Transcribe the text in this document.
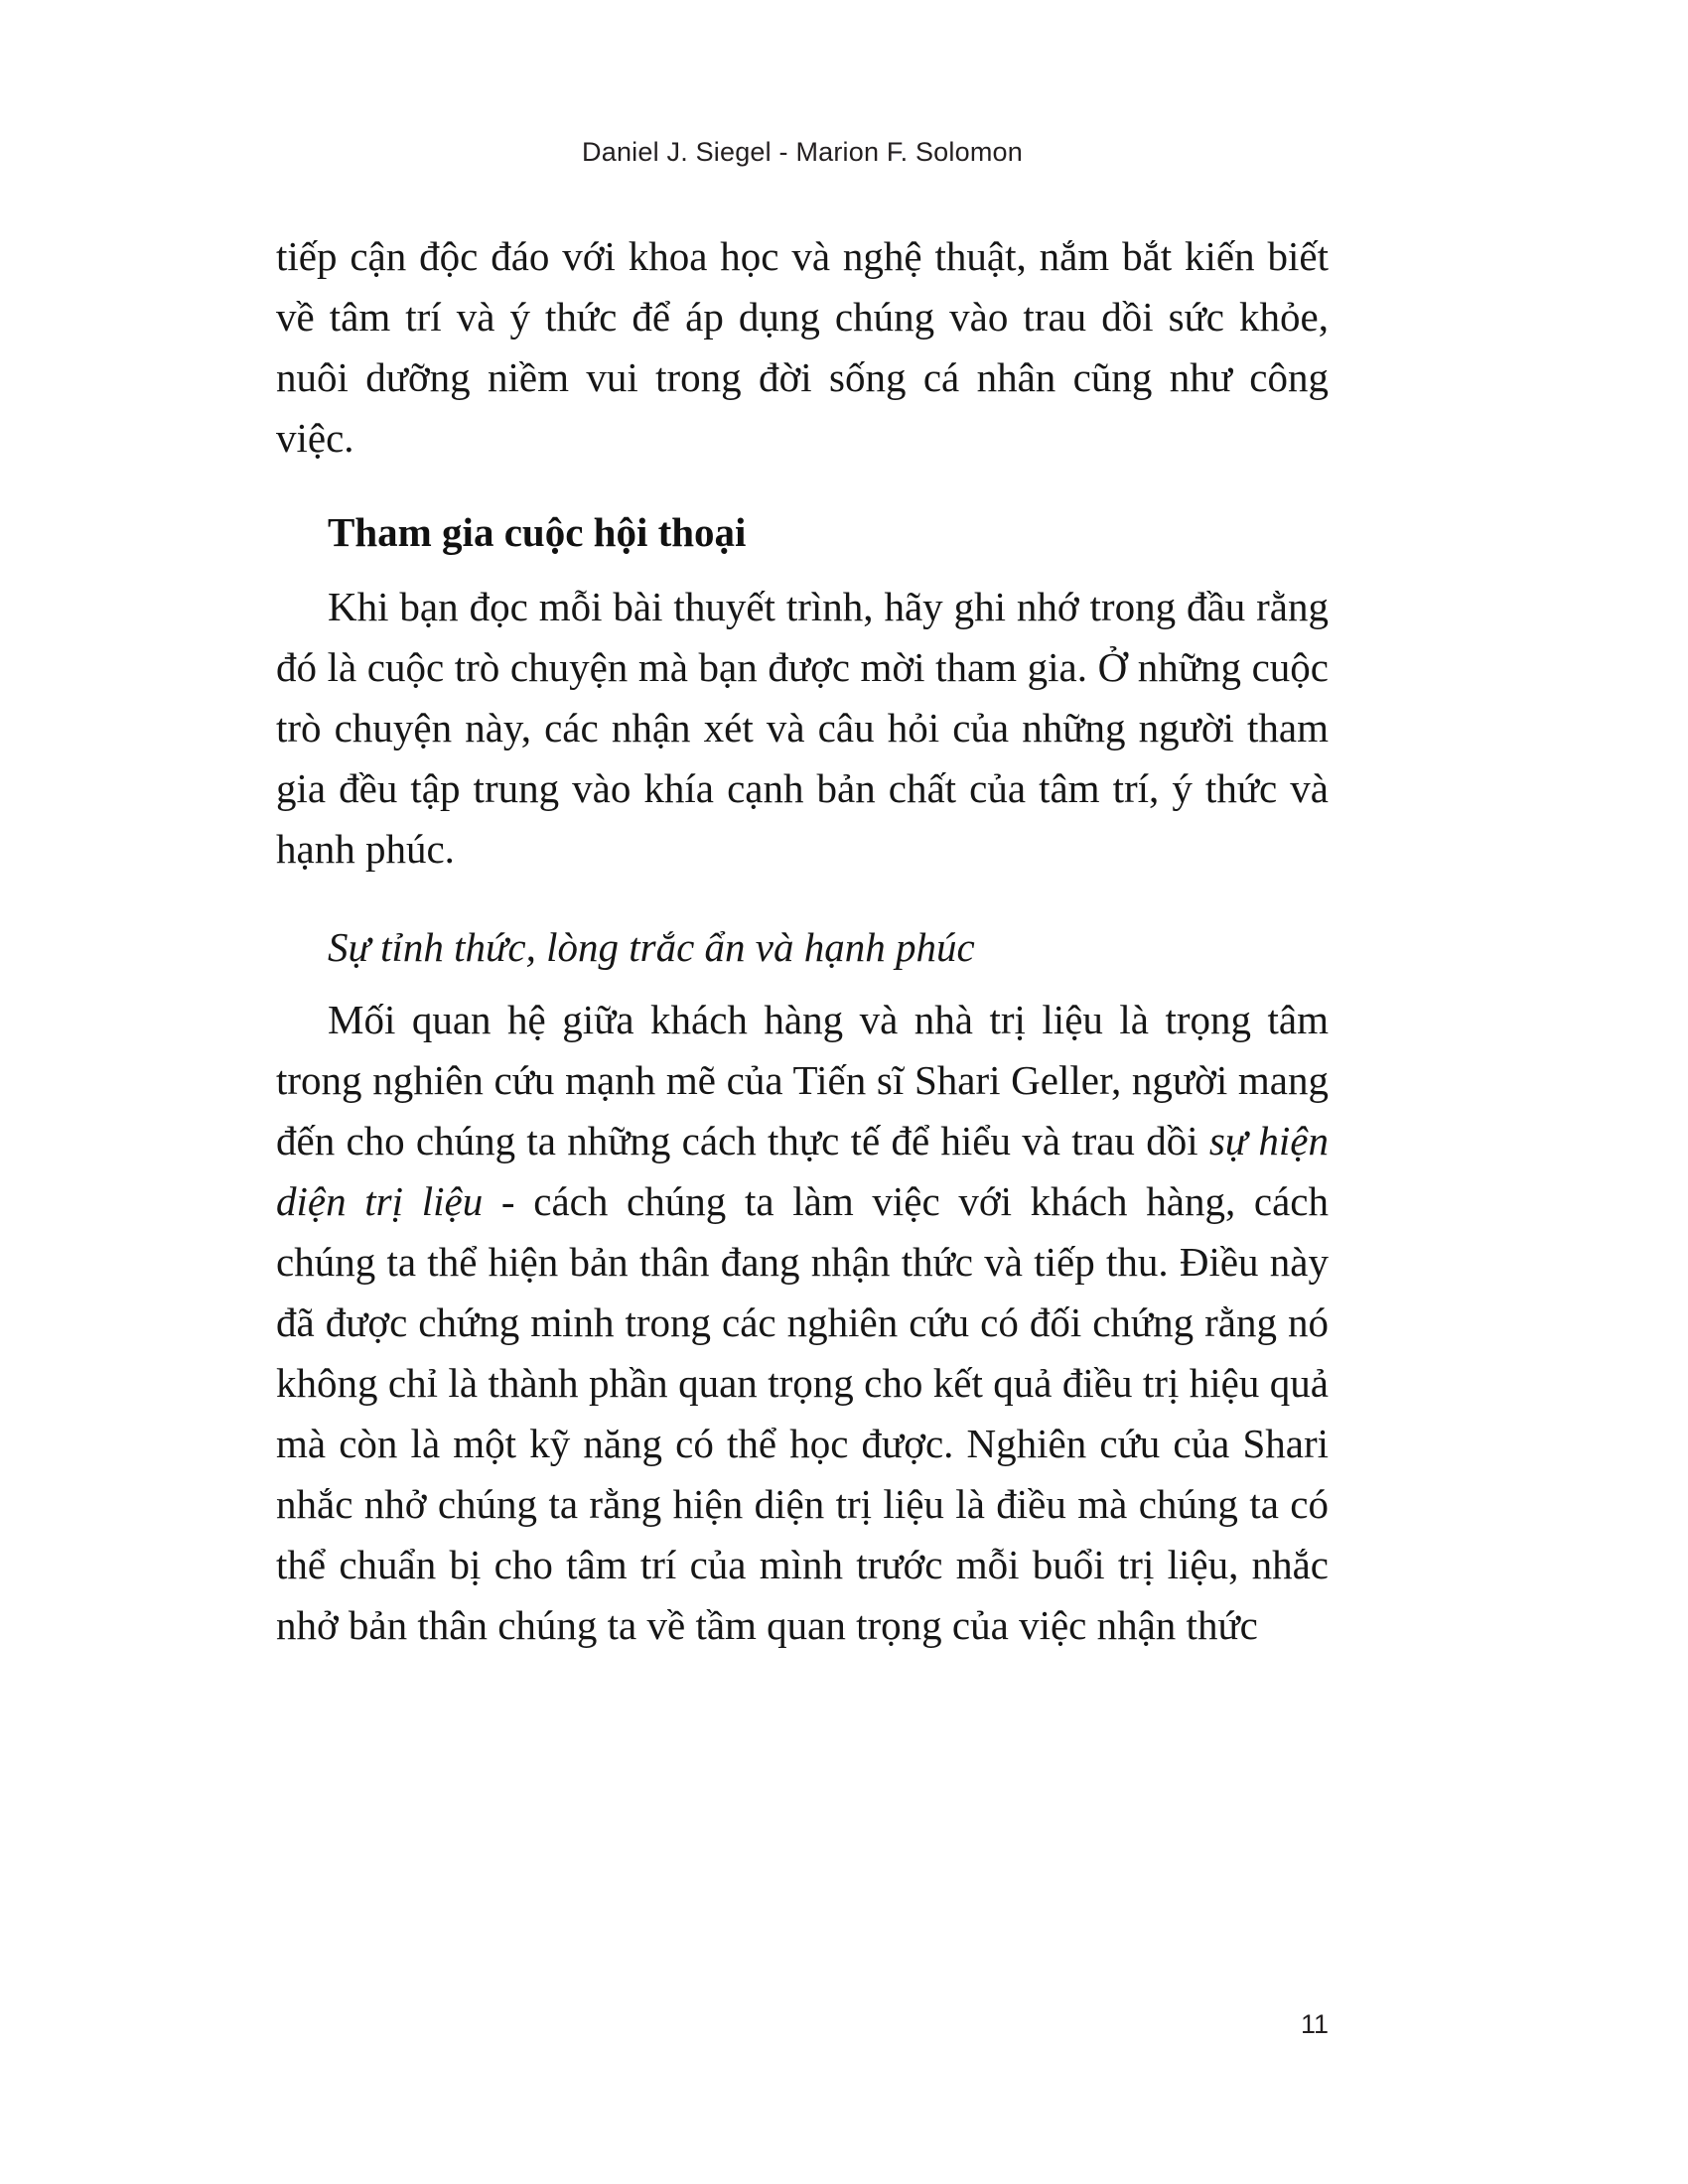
Daniel J. Siegel - Marion F. Solomon

tiếp cận độc đáo với khoa học và nghệ thuật, nắm bắt kiến biết về tâm trí và ý thức để áp dụng chúng vào trau dồi sức khỏe, nuôi dưỡng niềm vui trong đời sống cá nhân cũng như công việc.

Tham gia cuộc hội thoại

Khi bạn đọc mỗi bài thuyết trình, hãy ghi nhớ trong đầu rằng đó là cuộc trò chuyện mà bạn được mời tham gia. Ở những cuộc trò chuyện này, các nhận xét và câu hỏi của những người tham gia đều tập trung vào khía cạnh bản chất của tâm trí, ý thức và hạnh phúc.

Sự tỉnh thức, lòng trắc ẩn và hạnh phúc

Mối quan hệ giữa khách hàng và nhà trị liệu là trọng tâm trong nghiên cứu mạnh mẽ của Tiến sĩ Shari Geller, người mang đến cho chúng ta những cách thực tế để hiểu và trau dồi sự hiện diện trị liệu - cách chúng ta làm việc với khách hàng, cách chúng ta thể hiện bản thân đang nhận thức và tiếp thu. Điều này đã được chứng minh trong các nghiên cứu có đối chứng rằng nó không chỉ là thành phần quan trọng cho kết quả điều trị hiệu quả mà còn là một kỹ năng có thể học được. Nghiên cứu của Shari nhắc nhở chúng ta rằng hiện diện trị liệu là điều mà chúng ta có thể chuẩn bị cho tâm trí của mình trước mỗi buổi trị liệu, nhắc nhở bản thân chúng ta về tầm quan trọng của việc nhận thức

11
